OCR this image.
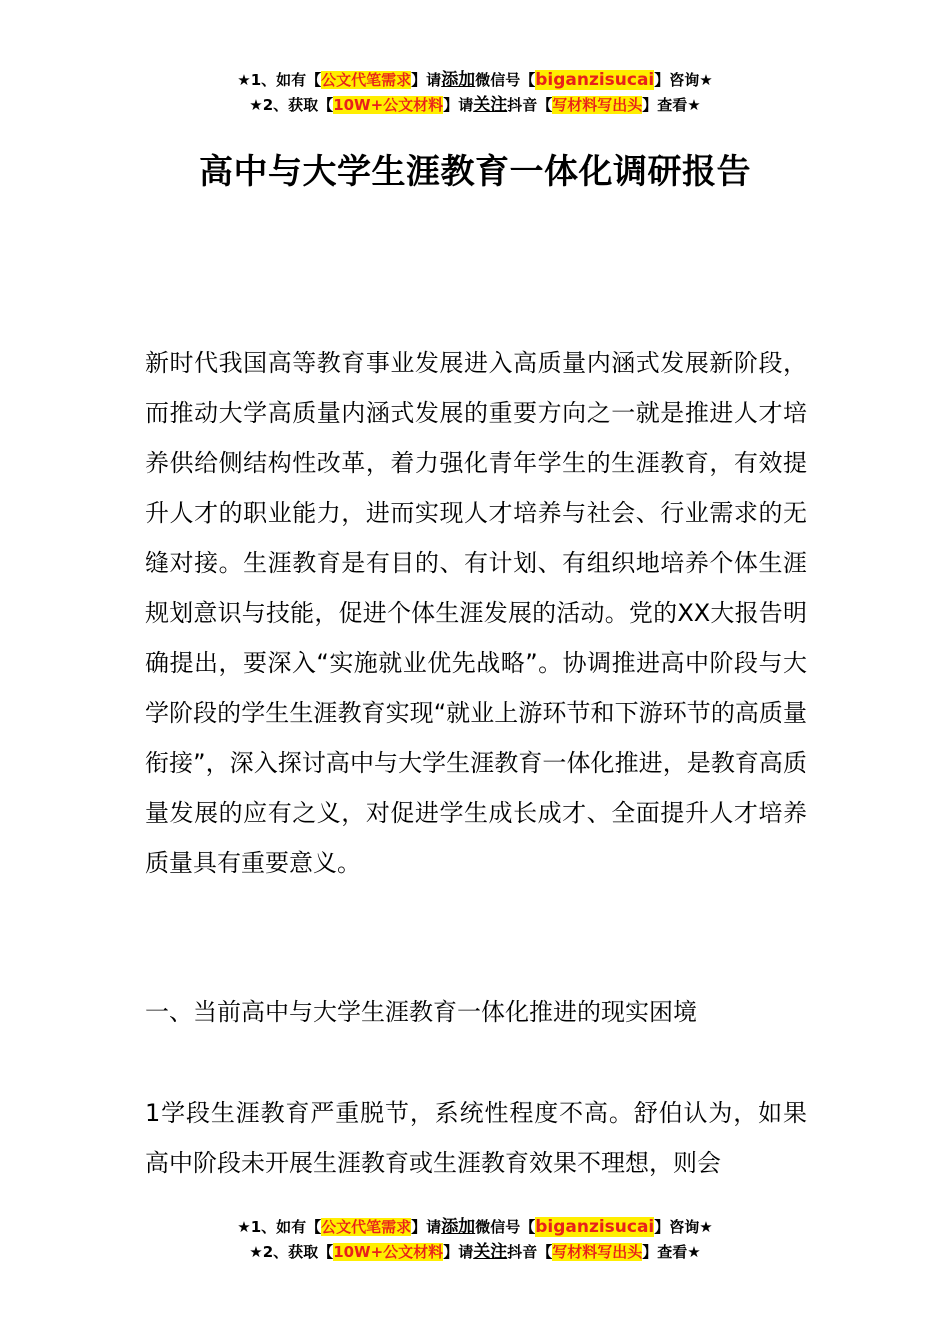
★1、如有【公文代笔需求】请添加微信号【biganzisucai】咨询★
★2、获取【10W+公文材料】请关注抖音【写材料写出头】查看★
高中与大学生涯教育一体化调研报告

新时代我国高等教育事业发展进入高质量内涵式发展新阶段，而推动大学高质量内涵式发展的重要方向之一就是推进人才培养供给侧结构性改革，着力强化青年学生的生涯教育，有效提升人才的职业能力，进而实现人才培养与社会、行业需求的无缝对接。生涯教育是有目的、有计划、有组织地培养个体生涯规划意识与技能，促进个体生涯发展的活动。党的XX大报告明确提出，要深入“实施就业优先战略”。协调推进高中阶段与大学阶段的学生生涯教育实现“就业上游环节和下游环节的高质量衔接”，深入探讨高中与大学生涯教育一体化推进，是教育高质量发展的应有之义，对促进学生成长成才、全面提升人才培养质量具有重要意义。

一、当前高中与大学生涯教育一体化推进的现实困境

1学段生涯教育严重脱节，系统性程度不高。舒伯认为，如果高中阶段未开展生涯教育或生涯教育效果不理想，则会

★1、如有【公文代笔需求】请添加微信号【biganzisucai】咨询★
★2、获取【10W+公文材料】请关注抖音【写材料写出头】查看★
